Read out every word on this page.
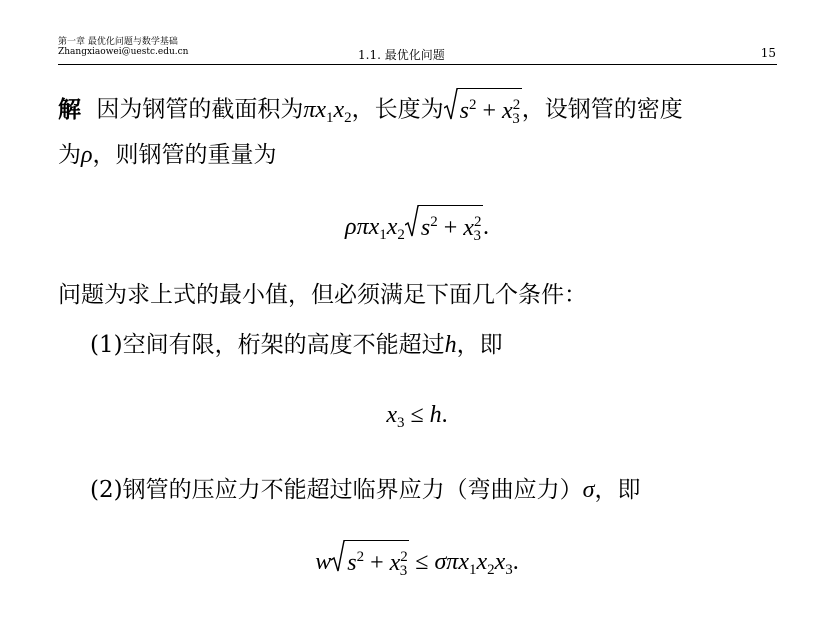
第一章 最优化问题与数学基础
Zhangxiaowei@uestc.edu.cn	1.1. 最优化问题	15
解 因为钢管的截面积为$\pi x_1x_2$，长度为 $s^2 + x^2_3$ ，设钢管的密度
为ρ，则钢管的重量为
$\rho\pi x_1x_2$ $s^2 + x^2_3$ .
问题为求上式的最小值，但必须满足下面几个条件：
(1)空间有限，桁架的高度不能超过h，即
$x_3 \le h$.
(2)钢管的压应力不能超过临界应力（弯曲应力）σ，即
w $s^2 + x^2_3 \le \sigma\pi x_1x_2x_3$.
